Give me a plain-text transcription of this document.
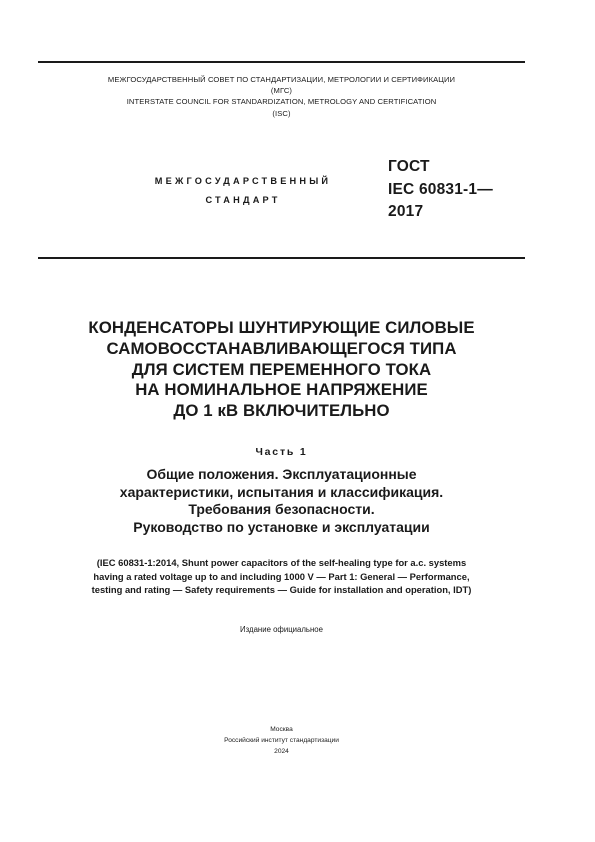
МЕЖГОСУДАРСТВЕННЫЙ СОВЕТ ПО СТАНДАРТИЗАЦИИ, МЕТРОЛОГИИ И СЕРТИФИКАЦИИ
(МГС)
INTERSTATE COUNCIL FOR STANDARDIZATION, METROLOGY AND CERTIFICATION
(ISC)
МЕЖГОСУДАРСТВЕННЫЙ
СТАНДАРТ
ГОСТ
IEC 60831-1—
2017
КОНДЕНСАТОРЫ ШУНТИРУЮЩИЕ СИЛОВЫЕ
САМОВОССТАНАВЛИВАЮЩЕГОСЯ ТИПА
ДЛЯ СИСТЕМ ПЕРЕМЕННОГО ТОКА
НА НОМИНАЛЬНОЕ НАПРЯЖЕНИЕ
ДО 1 кВ ВКЛЮЧИТЕЛЬНО
Часть 1
Общие положения. Эксплуатационные
характеристики, испытания и классификация.
Требования безопасности.
Руководство по установке и эксплуатации
(IEC 60831-1:2014, Shunt power capacitors of the self-healing type for a.c. systems
having a rated voltage up to and including 1000 V — Part 1: General — Performance,
testing and rating — Safety requirements — Guide for installation and operation, IDT)
Издание официальное
Москва
Российский институт стандартизации
2024
